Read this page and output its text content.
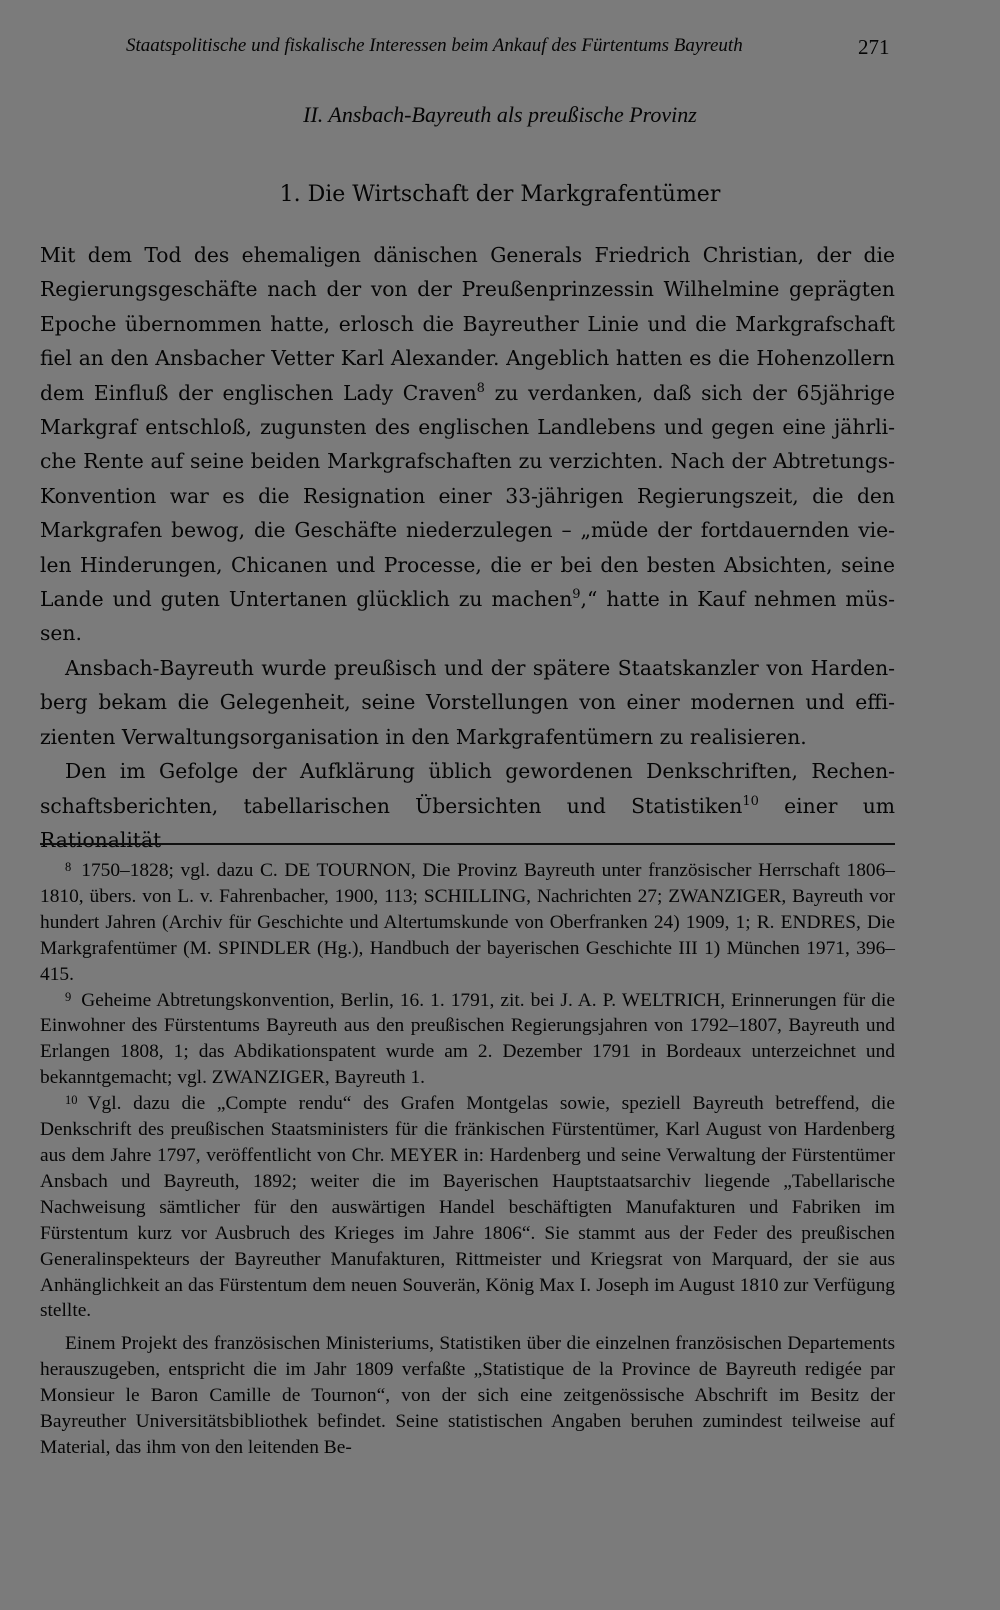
Staatspolitische und fiskalische Interessen beim Ankauf des Fürtentums Bayreuth	271
II. Ansbach-Bayreuth als preußische Provinz
1. Die Wirtschaft der Markgrafentümer

Mit dem Tod des ehemaligen dänischen Generals Friedrich Christian, der die Regierungsgeschäfte nach der von der Preußenprinzessin Wilhelmine geprägten Epoche übernommen hatte, erlosch die Bayreuther Linie und die Markgrafschaft fiel an den Ansbacher Vetter Karl Alexander. Angeblich hatten es die Hohenzollern dem Einfluß der englischen Lady Craven$^8$ zu verdanken, daß sich der 65jährige Markgraf entschloß, zugunsten des englischen Landlebens und gegen eine jährliche Rente auf seine beiden Markgrafschaften zu verzichten. Nach der AbtretungsKonvention war es die Resignation einer 33-jährigen Regierungszeit, die den Markgrafen bewog, die Geschäfte niederzulegen – „müde der fortdauernden vielen Hinderungen, Chicanen und Processe, die er bei den besten Absichten, seine Lande und guten Untertanen glücklich zu machen$^9$,“ hatte in Kauf nehmen müssen.

Ansbach-Bayreuth wurde preußisch und der spätere Staatskanzler von Hardenberg bekam die Gelegenheit, seine Vorstellungen von einer modernen und effizienten Verwaltungsorganisation in den Markgrafentümern zu realisieren.

Den im Gefolge der Aufklärung üblich gewordenen Denkschriften, Rechenschaftsberichten, tabellarischen Übersichten und Statistiken$^{10}$ einer um Rationalität

$^8$ 1750–1828; vgl. dazu C. DE TOURNON, Die Provinz Bayreuth unter französischer Herrschaft 1806–1810, übers. von L. v. Fahrenbacher, 1900, 113; SCHILLING, Nachrichten 27; ZWANZIGER, Bayreuth vor hundert Jahren (Archiv für Geschichte und Altertumskunde von Oberfranken 24) 1909, 1; R. ENDRES, Die Markgrafentümer (M. SPINDLER (Hg.), Handbuch der bayerischen Geschichte III 1) München 1971, 396–415.

$^9$ Geheime Abtretungskonvention, Berlin, 16. 1. 1791, zit. bei J. A. P. WELTRICH, Erinnerungen für die Einwohner des Fürstentums Bayreuth aus den preußischen Regierungsjahren von 1792–1807, Bayreuth und Erlangen 1808, 1; das Abdikationspatent wurde am 2. Dezember 1791 in Bordeaux unterzeichnet und bekanntgemacht; vgl. ZWANZIGER, Bayreuth 1.

$^{10}$ Vgl. dazu die „Compte rendu“ des Grafen Montgelas sowie, speziell Bayreuth betreffend, die Denkschrift des preußischen Staatsministers für die fränkischen Fürstentümer, Karl August von Hardenberg aus dem Jahre 1797, veröffentlicht von Chr. MEYER in: Hardenberg und seine Verwaltung der Fürstentümer Ansbach und Bayreuth, 1892; weiter die im Bayerischen Hauptstaatsarchiv liegende „Tabellarische Nachweisung sämtlicher für den auswärtigen Handel beschäftigten Manufakturen und Fabriken im Fürstentum kurz vor Ausbruch des Krieges im Jahre 1806“. Sie stammt aus der Feder des preußischen Generalinspekteurs der Bayreuther Manufakturen, Rittmeister und Kriegsrat von Marquard, der sie aus Anhänglichkeit an das Fürstentum dem neuen Souverän, König Max I. Joseph im August 1810 zur Verfügung stellte.

Einem Projekt des französischen Ministeriums, Statistiken über die einzelnen französischen Departements herauszugeben, entspricht die im Jahr 1809 verfaßte „Statistique de la Province de Bayreuth redigée par Monsieur le Baron Camille de Tournon“, von der sich eine zeitgenössische Abschrift im Besitz der Bayreuther Universitätsbibliothek befindet. Seine statistischen Angaben beruhen zumindest teilweise auf Material, das ihm von den leitenden Be-
